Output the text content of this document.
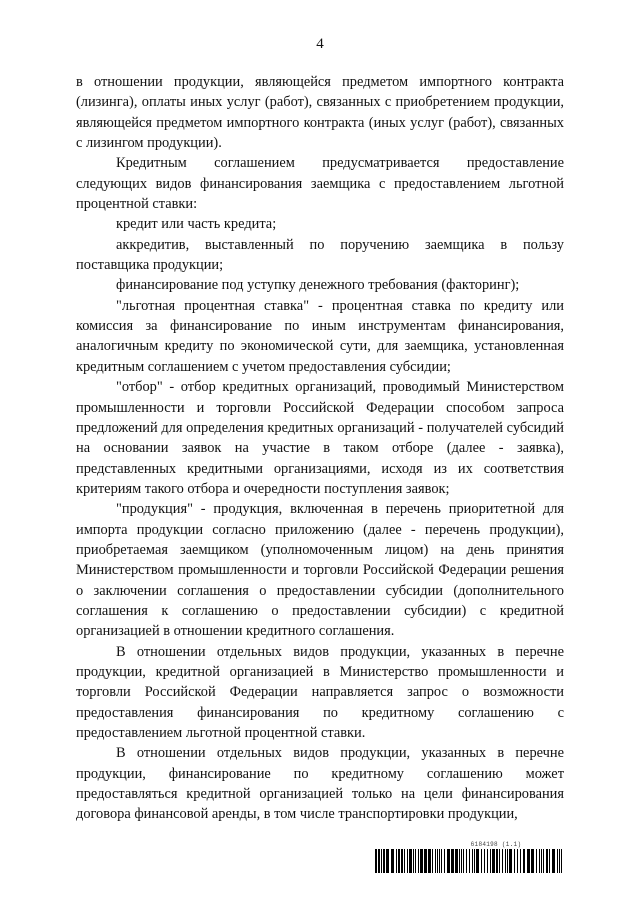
4

в отношении продукции, являющейся предметом импортного контракта (лизинга), оплаты иных услуг (работ), связанных с приобретением продукции, являющейся предметом импортного контракта (иных услуг (работ), связанных с лизингом продукции).

Кредитным соглашением предусматривается предоставление следующих видов финансирования заемщика с предоставлением льготной процентной ставки:

кредит или часть кредита;

аккредитив, выставленный по поручению заемщика в пользу поставщика продукции;

финансирование под уступку денежного требования (факторинг);

"льготная процентная ставка" - процентная ставка по кредиту или комиссия за финансирование по иным инструментам финансирования, аналогичным кредиту по экономической сути, для заемщика, установленная кредитным соглашением с учетом предоставления субсидии;

"отбор" - отбор кредитных организаций, проводимый Министерством промышленности и торговли Российской Федерации способом запроса предложений для определения кредитных организаций - получателей субсидий на основании заявок на участие в таком отборе (далее - заявка), представленных кредитными организациями, исходя из их соответствия критериям такого отбора и очередности поступления заявок;

"продукция" - продукция, включенная в перечень приоритетной для импорта продукции согласно приложению (далее - перечень продукции), приобретаемая заемщиком (уполномоченным лицом) на день принятия Министерством промышленности и торговли Российской Федерации решения о заключении соглашения о предоставлении субсидии (дополнительного соглашения к соглашению о предоставлении субсидии) с кредитной организацией в отношении кредитного соглашения.

В отношении отдельных видов продукции, указанных в перечне продукции, кредитной организацией в Министерство промышленности и торговли Российской Федерации направляется запрос о возможности предоставления финансирования по кредитному соглашению с предоставлением льготной процентной ставки.

В отношении отдельных видов продукции, указанных в перечне продукции, финансирование по кредитному соглашению может предоставляться кредитной организацией только на цели финансирования договора финансовой аренды, в том числе транспортировки продукции,

6184198 (1.1)
